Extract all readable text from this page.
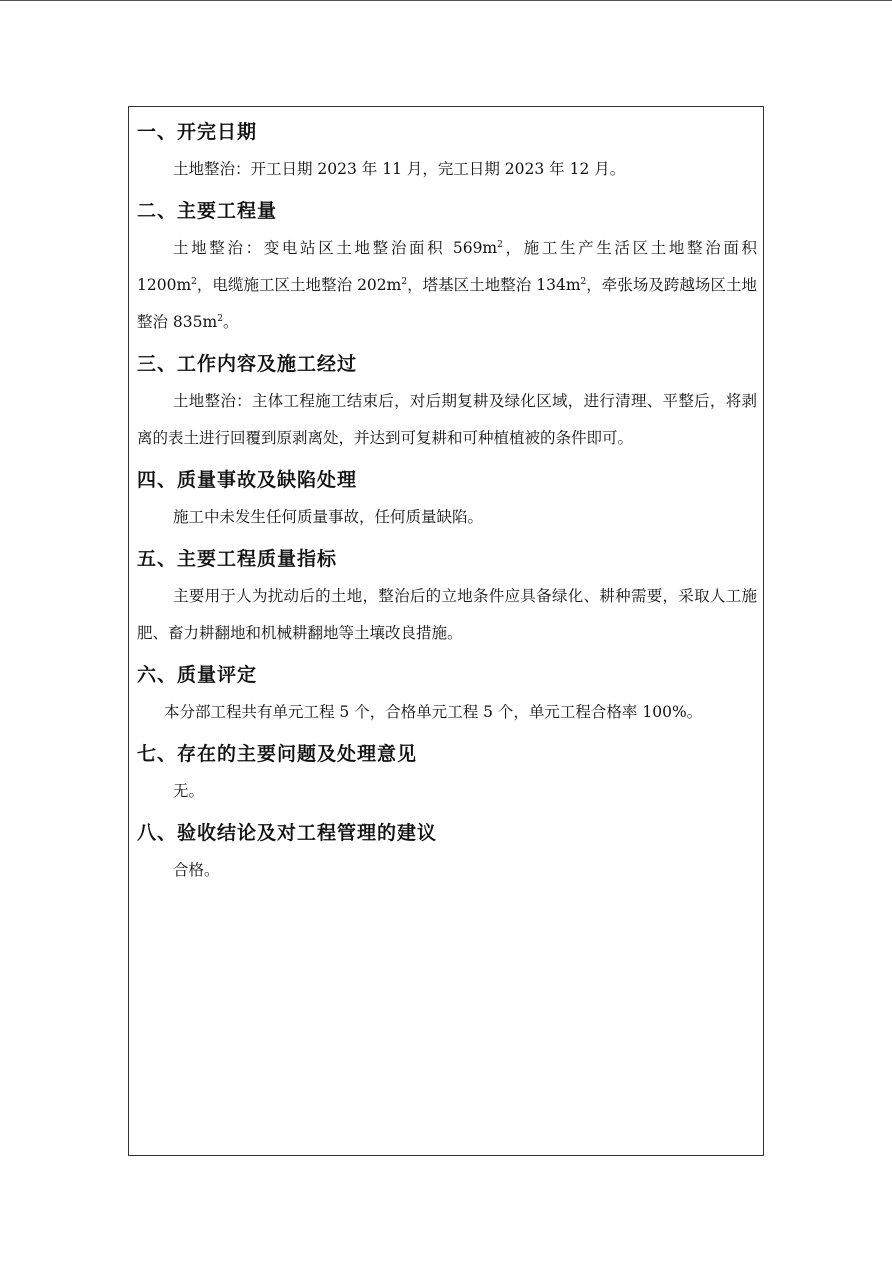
一、开完日期

土地整治：开工日期 2023 年 11 月，完工日期 2023 年 12 月。

二、主要工程量

土地整治：变电站区土地整治面积 $569m^2$，施工生产生活区土地整治面积 $1200m^2$，电缆施工区土地整治 $202m^2$，塔基区土地整治 $134m^2$，牵张场及跨越场区土地整治 $835m^2$。

三、工作内容及施工经过

土地整治：主体工程施工结束后，对后期复耕及绿化区域，进行清理、平整后，将剥离的表土进行回覆到原剥离处，并达到可复耕和可种植植被的条件即可。

四、质量事故及缺陷处理

施工中未发生任何质量事故，任何质量缺陷。

五、主要工程质量指标

主要用于人为扰动后的土地，整治后的立地条件应具备绿化、耕种需要，采取人工施肥、畜力耕翻地和机械耕翻地等土壤改良措施。

六、质量评定

本分部工程共有单元工程 5 个，合格单元工程 5 个，单元工程合格率 100%。

七、存在的主要问题及处理意见

无。

八、验收结论及对工程管理的建议

合格。
